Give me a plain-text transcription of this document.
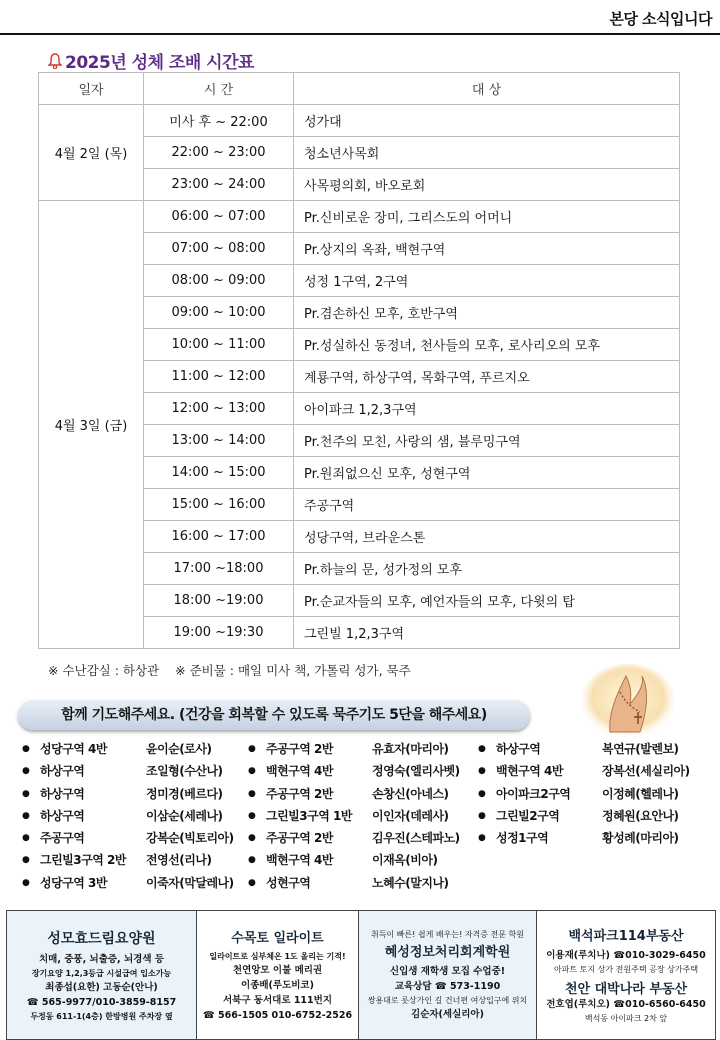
본당 소식입니다
2025년 성체 조배 시간표
일자	시 간	대 상
4월 2일 (목)	미사 후 ~ 22:00	성가대
	22:00 ~ 23:00	청소년사목회
	23:00 ~ 24:00	사목평의회, 바오로회
4월 3일 (금)	06:00 ~ 07:00	Pr.신비로운 장미, 그리스도의 어머니
	07:00 ~ 08:00	Pr.상지의 옥좌, 백현구역
	08:00 ~ 09:00	성정 1구역, 2구역
	09:00 ~ 10:00	Pr.겸손하신 모후, 호반구역
	10:00 ~ 11:00	Pr.성실하신 동정녀, 천사들의 모후, 로사리오의 모후
	11:00 ~ 12:00	계룡구역, 하상구역, 목화구역, 푸르지오
	12:00 ~ 13:00	아이파크 1,2,3구역
	13:00 ~ 14:00	Pr.천주의 모친, 사랑의 샘, 블루밍구역
	14:00 ~ 15:00	Pr.원죄없으신 모후, 성현구역
	15:00 ~ 16:00	주공구역
	16:00 ~ 17:00	성당구역, 브라운스톤
	17:00 ~18:00	Pr.하늘의 문, 성가정의 모후
	18:00 ~19:00	Pr.순교자들의 모후, 예언자들의 모후, 다윗의 탑
	19:00 ~19:30	그린빌 1,2,3구역
※ 수난감실 : 하상관 ※ 준비물 : 매일 미사 책, 가톨릭 성가, 묵주
함께 기도해주세요. (건강을 회복할 수 있도록 묵주기도 5단을 해주세요)
● 성당구역 4반	윤이순(로사)
● 하상구역	조일형(수산나)
● 하상구역	정미경(베르다)
● 하상구역	이삼순(세레나)
● 주공구역	강복순(빅토리아)
● 그린빌3구역 2반 전영선(리나)
● 성당구역 3반	이죽자(막달레나)
● 주공구역 2반	유효자(마리아)
● 백현구역 4반	정영숙(엘리사벳)
● 주공구역 2반	손창신(아네스)
● 그린빌3구역 1반 이인자(데레사)
● 주공구역 2반	김우진(스테파노)
● 백현구역 4반	이재옥(비아)
● 성현구역	노혜수(말지나)
● 하상구역	복연규(발렌보)
● 백현구역 4반	장복선(세실리아)
● 아이파크2구역	이정혜(헬레나)
● 그린빌2구역	정혜원(요안나)
● 성정1구역	황성례(마리아)
성모효드림요양원
치매, 중풍, 뇌출증, 뇌경색 등
장기요양 1,2,3등급 시설급여 입소가능
최종섭(요한) 고동순(안나)
☎ 565-9977/010-3859-8157
두정동 611-1(4층) 한방병원 주차장 옆
수목토 일라이트
일라이트로 심부체온 1도 올리는 기적!
천연앙모 이불 메리권
이종배(루도비코)
서북구 동서대로 111번지
☎ 566-1505 010-6752-2526
취득이 빠른! 쉽게 배우는! 자격증 전문 학원
혜성정보처리회계학원
신입생 재학생 모집 수업중!
교육상담 ☎ 573-1190
쌍용대로 롯상가인 길 건너편 여상입구에 위치
김순자(세실리아)
백석파크114부동산
이용재(루치나) ☎010-3029-6450
아파트 토지 상가 전원주택 공장 상가주택
천안 대박나라 부동산
전호엽(루치오) ☎010-6560-6450
백석동 아이파크 2차 앞
